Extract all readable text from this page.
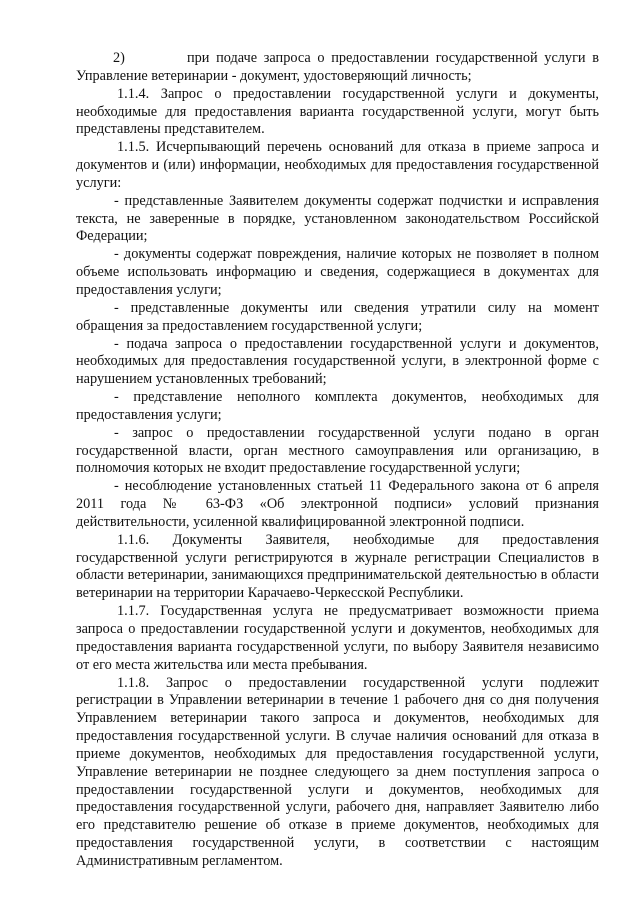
2)	при подаче запроса о предоставлении государственной услуги в Управление ветеринарии - документ, удостоверяющий личность;

1.1.4. Запрос о предоставлении государственной услуги и документы, необходимые для предоставления варианта государственной услуги, могут быть представлены представителем.

1.1.5. Исчерпывающий перечень оснований для отказа в приеме запроса и документов и (или) информации, необходимых для предоставления государственной услуги:

- представленные Заявителем документы содержат подчистки и исправления текста, не заверенные в порядке, установленном законодательством Российской Федерации;

- документы содержат повреждения, наличие которых не позволяет в полном объеме использовать информацию и сведения, содержащиеся в документах для предоставления услуги;

- представленные документы или сведения утратили силу на момент обращения за предоставлением государственной услуги;

- подача запроса о предоставлении государственной услуги и документов, необходимых для предоставления государственной услуги, в электронной форме с нарушением установленных требований;

- представление неполного комплекта документов, необходимых для предоставления услуги;

- запрос о предоставлении государственной услуги подано в орган государственной власти, орган местного самоуправления или организацию, в полномочия которых не входит предоставление государственной услуги;

- несоблюдение установленных статьей 11 Федерального закона от 6 апреля 2011 года № 63-ФЗ «Об электронной подписи» условий признания действительности, усиленной квалифицированной электронной подписи.

1.1.6. Документы Заявителя, необходимые для предоставления государственной услуги регистрируются в журнале регистрации Специалистов в области ветеринарии, занимающихся предпринимательской деятельностью в области ветеринарии на территории Карачаево-Черкесской Республики.

1.1.7. Государственная услуга не предусматривает возможности приема запроса о предоставлении государственной услуги и документов, необходимых для предоставления варианта государственной услуги, по выбору Заявителя независимо от его места жительства или места пребывания.

1.1.8. Запрос о предоставлении государственной услуги подлежит регистрации в Управлении ветеринарии в течение 1 рабочего дня со дня получения Управлением ветеринарии такого запроса и документов, необходимых для предоставления государственной услуги. В случае наличия оснований для отказа в приеме документов, необходимых для предоставления государственной услуги, Управление ветеринарии не позднее следующего за днем поступления запроса о предоставлении государственной услуги и документов, необходимых для предоставления государственной услуги, рабочего дня, направляет Заявителю либо его представителю решение об отказе в приеме документов, необходимых для предоставления государственной услуги, в соответствии с настоящим Административным регламентом.
